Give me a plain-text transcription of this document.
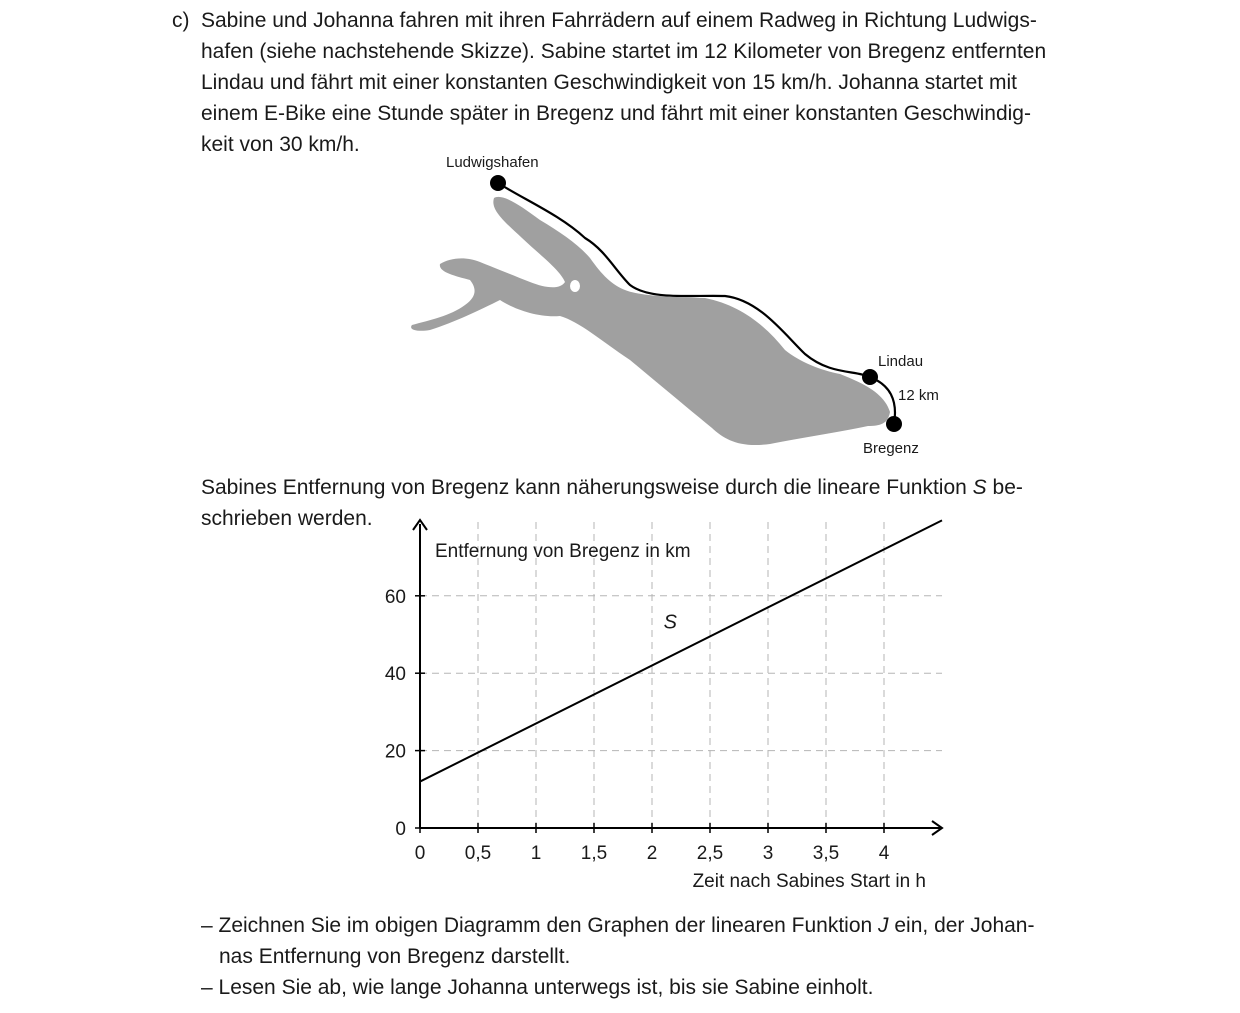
c) Sabine und Johanna fahren mit ihren Fahrrädern auf einem Radweg in Richtung Ludwigs-
hafen (siehe nachstehende Skizze). Sabine startet im 12 Kilometer von Bregenz entfernten
Lindau und fährt mit einer konstanten Geschwindigkeit von 15 km/h. Johanna startet mit
einem E-Bike eine Stunde später in Bregenz und fährt mit einer konstanten Geschwindig-
keit von 30 km/h.
Ludwigshafen
Lindau
12 km
Bregenz
Sabines Entfernung von Bregenz kann näherungsweise durch die lineare Funktion S be-
schrieben werden.
0 0,5 1 1,5 2 2,5 3 3,5 4
0
20
40
60
S
Entfernung von Bregenz in km
Zeit nach Sabines Start in h
– Zeichnen Sie im obigen Diagramm den Graphen der linearen Funktion J ein, der Johan-
nas Entfernung von Bregenz darstellt.
– Lesen Sie ab, wie lange Johanna unterwegs ist, bis sie Sabine einholt.
